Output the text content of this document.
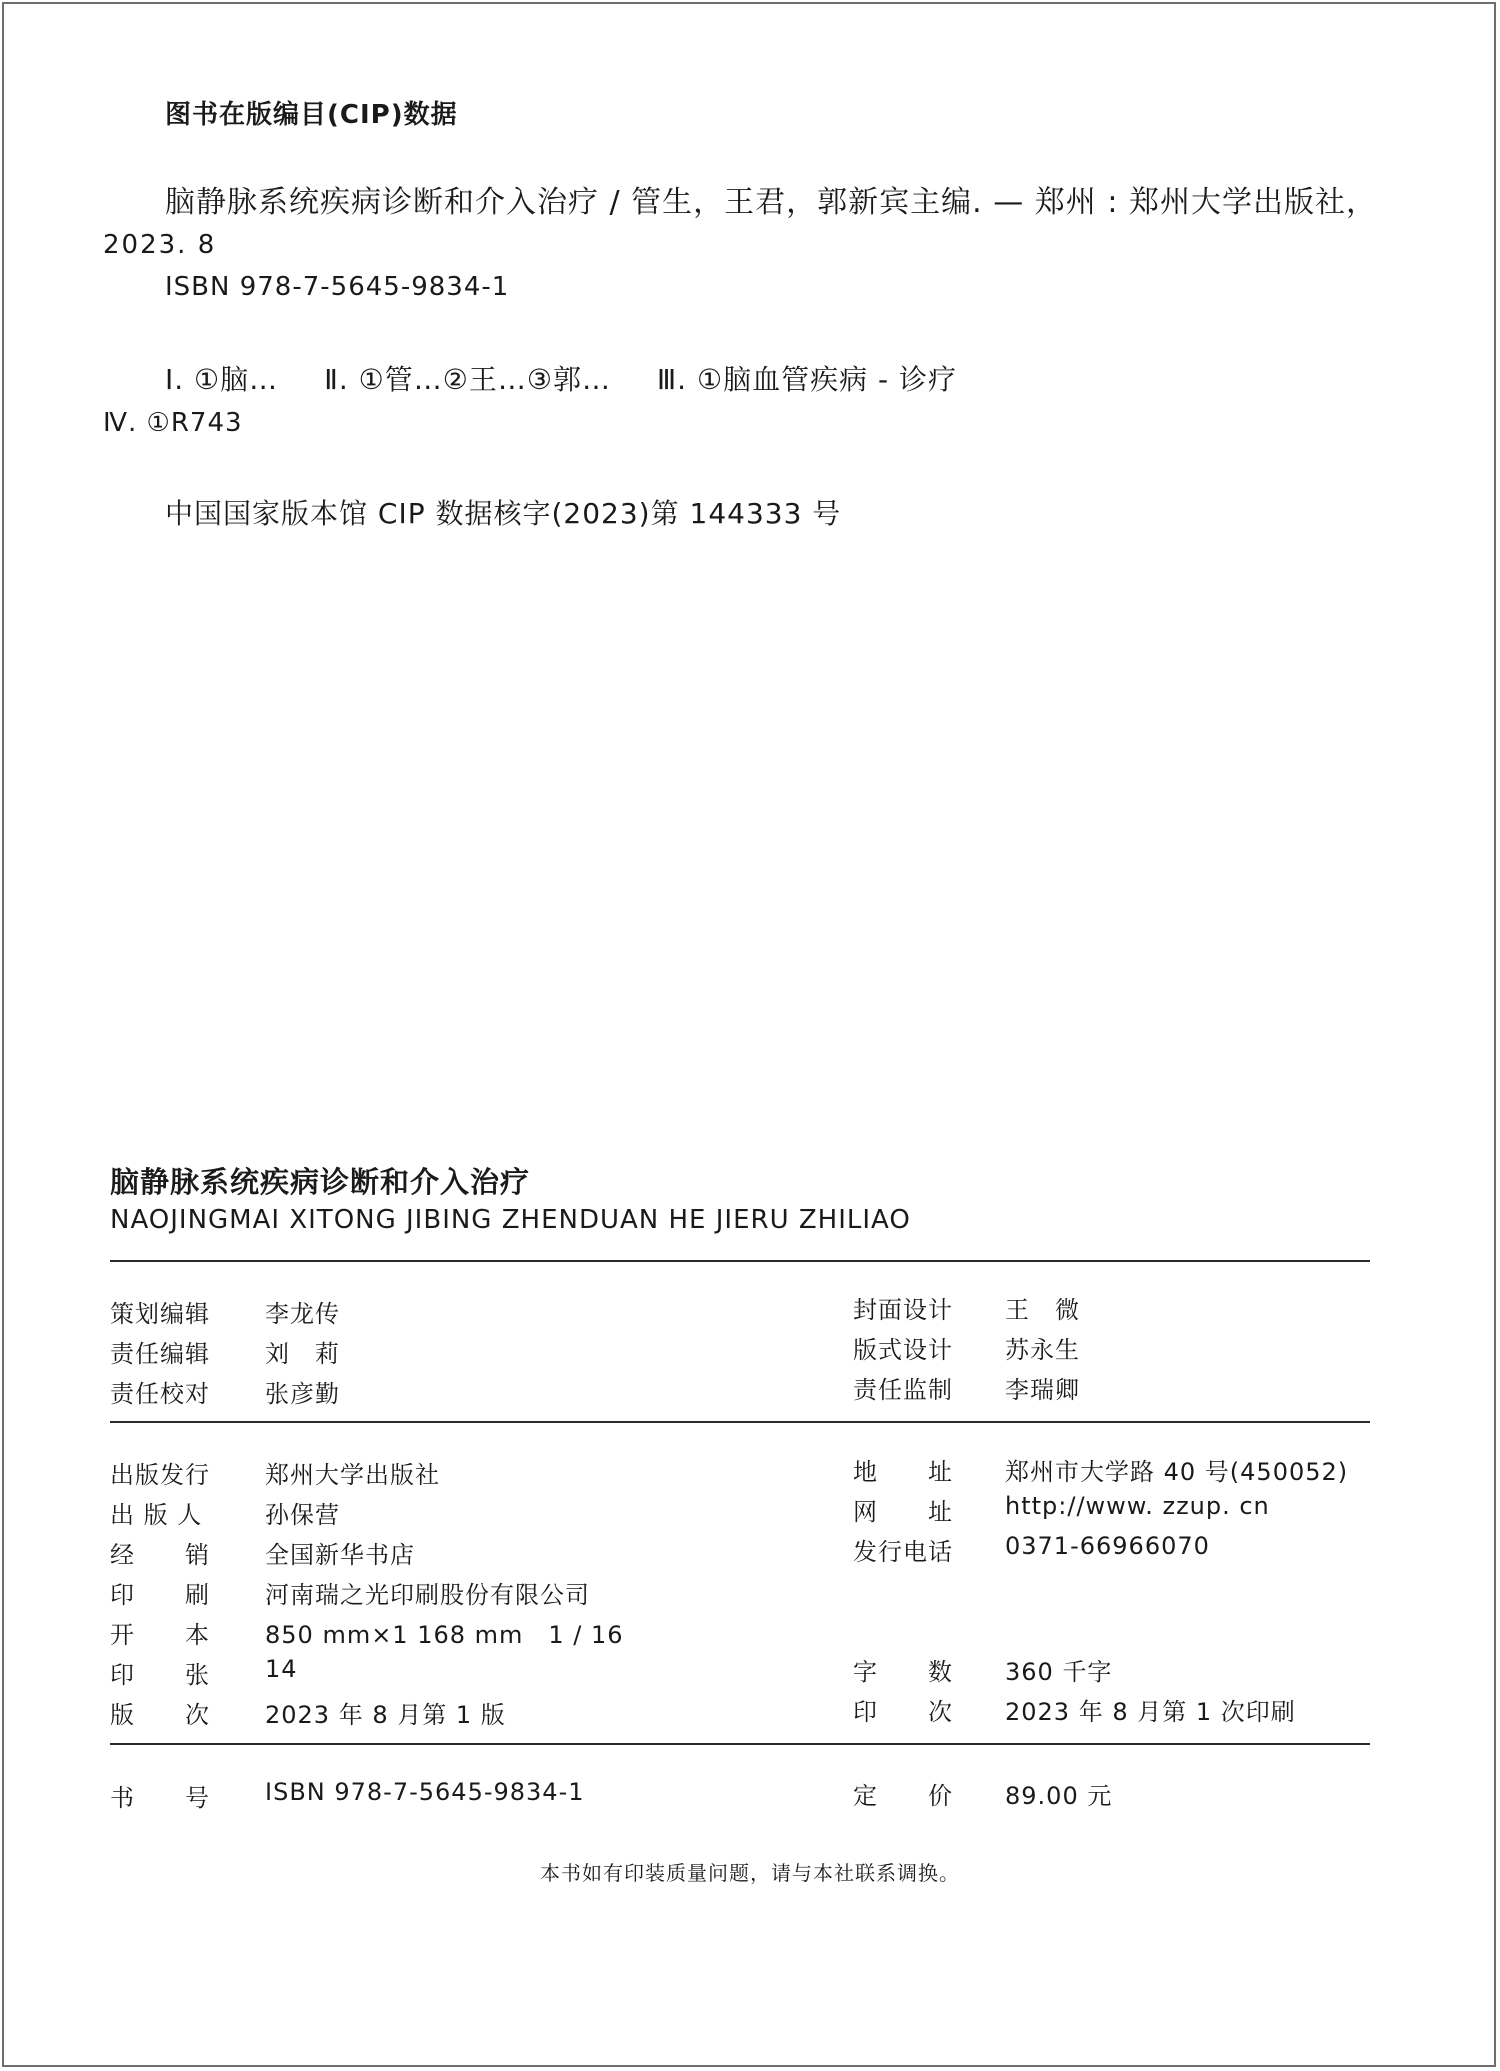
图书在版编目(CIP)数据
脑静脉系统疾病诊断和介入治疗 / 管生，王君，郭新宾主编. — 郑州 : 郑州大学出版社，
2023. 8
ISBN 978-7-5645-9834-1
Ⅰ. ①脑… Ⅱ. ①管…②王…③郭… Ⅲ. ①脑血管疾病 - 诊疗
Ⅳ. ①R743
中国国家版本馆 CIP 数据核字(2023)第 144333 号
脑静脉系统疾病诊断和介入治疗
NAOJINGMAI XITONG JIBING ZHENDUAN HE JIERU ZHILIAO
策划编辑 李龙传
责任编辑 刘　莉
责任校对 张彦勤
封面设计 王　微
版式设计 苏永生
责任监制 李瑞卿
出版发行 郑州大学出版社
出 版 人	孙保营
经　　销 全国新华书店
印　　刷 河南瑞之光印刷股份有限公司
开　　本 850 mm×1 168 mm　1 / 16
印　　张 14
版　　次 2023 年 8 月第 1 版
地　　址 郑州市大学路 40 号(450052)
网　　址 http://www. zzup. cn
发行电话 0371-66966070
字　　数 360 千字
印　　次 2023 年 8 月第 1 次印刷
书　　号 ISBN 978-7-5645-9834-1	定　　价 89.00 元
本书如有印装质量问题，请与本社联系调换。
